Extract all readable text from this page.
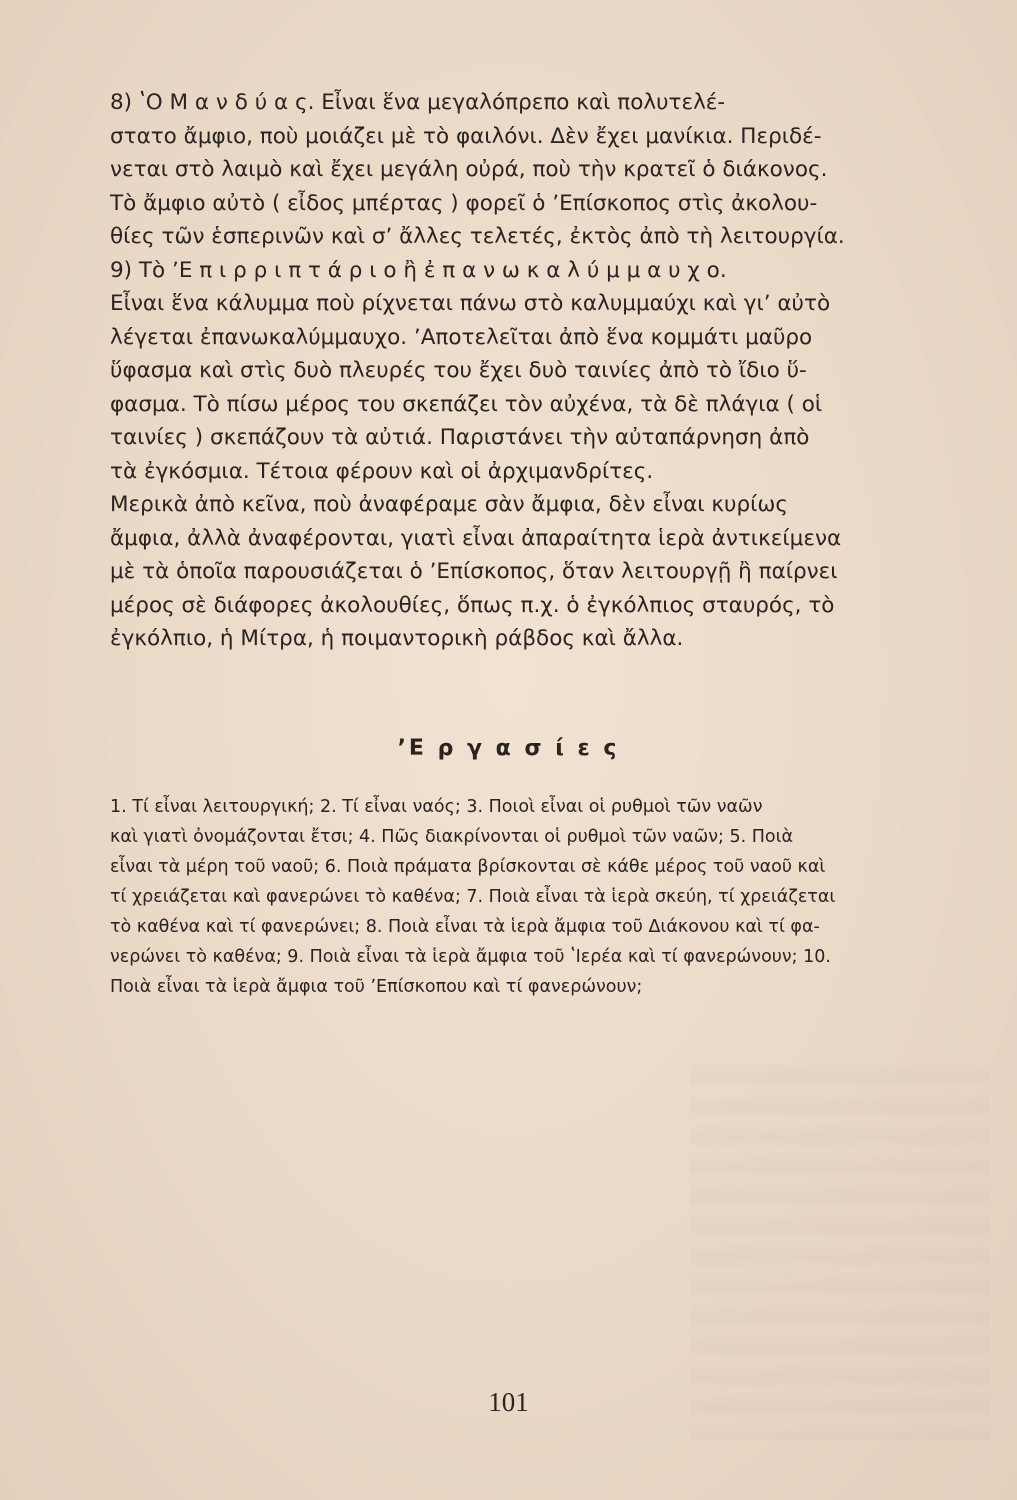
8) ʽΟ Μ α ν δ ύ α ς. Εἶναι ἕνα μεγαλόπρεπο καὶ πολυτελέ-
στατο ἄμφιο, ποὺ μοιάζει μὲ τὸ φαιλόνι. Δὲν ἔχει μανίκια. Περιδέ-
νεται στὸ λαιμὸ καὶ ἔχει μεγάλη οὐρά, ποὺ τὴν κρατεῖ ὁ διάκονος.
Τὸ ἄμφιο αὐτὸ ( εἶδος μπέρτας ) φορεῖ ὁ ʼΕπίσκοπος στὶς ἀκολου-
θίες τῶν ἑσπερινῶν καὶ σʼ ἄλλες τελετές, ἐκτὸς ἀπὸ τὴ λειτουργία.

9) Τὸ ʼΕ π ι ρ ρ ι π τ ά ρ ι ο ἢ ἐ π α ν ω κ α λ ύ μ μ α υ χ ο.
Εἶναι ἕνα κάλυμμα ποὺ ρίχνεται πάνω στὸ καλυμμαύχι καὶ γιʼ αὐτὸ
λέγεται ἐπανωκαλύμμαυχο. ʼΑποτελεῖται ἀπὸ ἕνα κομμάτι μαῦρο
ὕφασμα καὶ στὶς δυὸ πλευρές του ἔχει δυὸ ταινίες ἀπὸ τὸ ἴδιο ὕ-
φασμα. Τὸ πίσω μέρος του σκεπάζει τὸν αὐχένα, τὰ δὲ πλάγια ( οἱ
ταινίες ) σκεπάζουν τὰ αὐτιά. Παριστάνει τὴν αὐταπάρνηση ἀπὸ
τὰ ἐγκόσμια. Τέτοια φέρουν καὶ οἱ ἀρχιμανδρίτες.

Μερικὰ ἀπὸ κεῖνα, ποὺ ἀναφέραμε σὰν ἄμφια, δὲν εἶναι κυρίως
ἄμφια, ἀλλὰ ἀναφέρονται, γιατὶ εἶναι ἀπαραίτητα ἱερὰ ἀντικείμενα
μὲ τὰ ὁποῖα παρουσιάζεται ὁ ʼΕπίσκοπος, ὅταν λειτουργῇ ἢ παίρνει
μέρος σὲ διάφορες ἀκολουθίες, ὅπως π.χ. ὁ ἐγκόλπιος σταυρός, τὸ
ἐγκόλπιο, ἡ Μίτρα, ἡ ποιμαντορικὴ ράβδος καὶ ἄλλα.

ʼΕ ρ γ α σ ί ε ς
1. Τί εἶναι λειτουργική; 2. Τί εἶναι ναός; 3. Ποιοὶ εἶναι οἱ ρυθμοὶ τῶν ναῶν
καὶ γιατὶ ὀνομάζονται ἔτσι; 4. Πῶς διακρίνονται οἱ ρυθμοὶ τῶν ναῶν; 5. Ποιὰ
εἶναι τὰ μέρη τοῦ ναοῦ; 6. Ποιὰ πράματα βρίσκονται σὲ κάθε μέρος τοῦ ναοῦ καὶ
τί χρειάζεται καὶ φανερώνει τὸ καθένα; 7. Ποιὰ εἶναι τὰ ἱερὰ σκεύη, τί χρειάζεται
τὸ καθένα καὶ τί φανερώνει; 8. Ποιὰ εἶναι τὰ ἱερὰ ἄμφια τοῦ Διάκονου καὶ τί φα-
νερώνει τὸ καθένα; 9. Ποιὰ εἶναι τὰ ἱερὰ ἄμφια τοῦ ʽΙερέα καὶ τί φανερώνουν; 10.
Ποιὰ εἶναι τὰ ἱερὰ ἄμφια τοῦ ʼΕπίσκοπου καὶ τί φανερώνουν;
101
